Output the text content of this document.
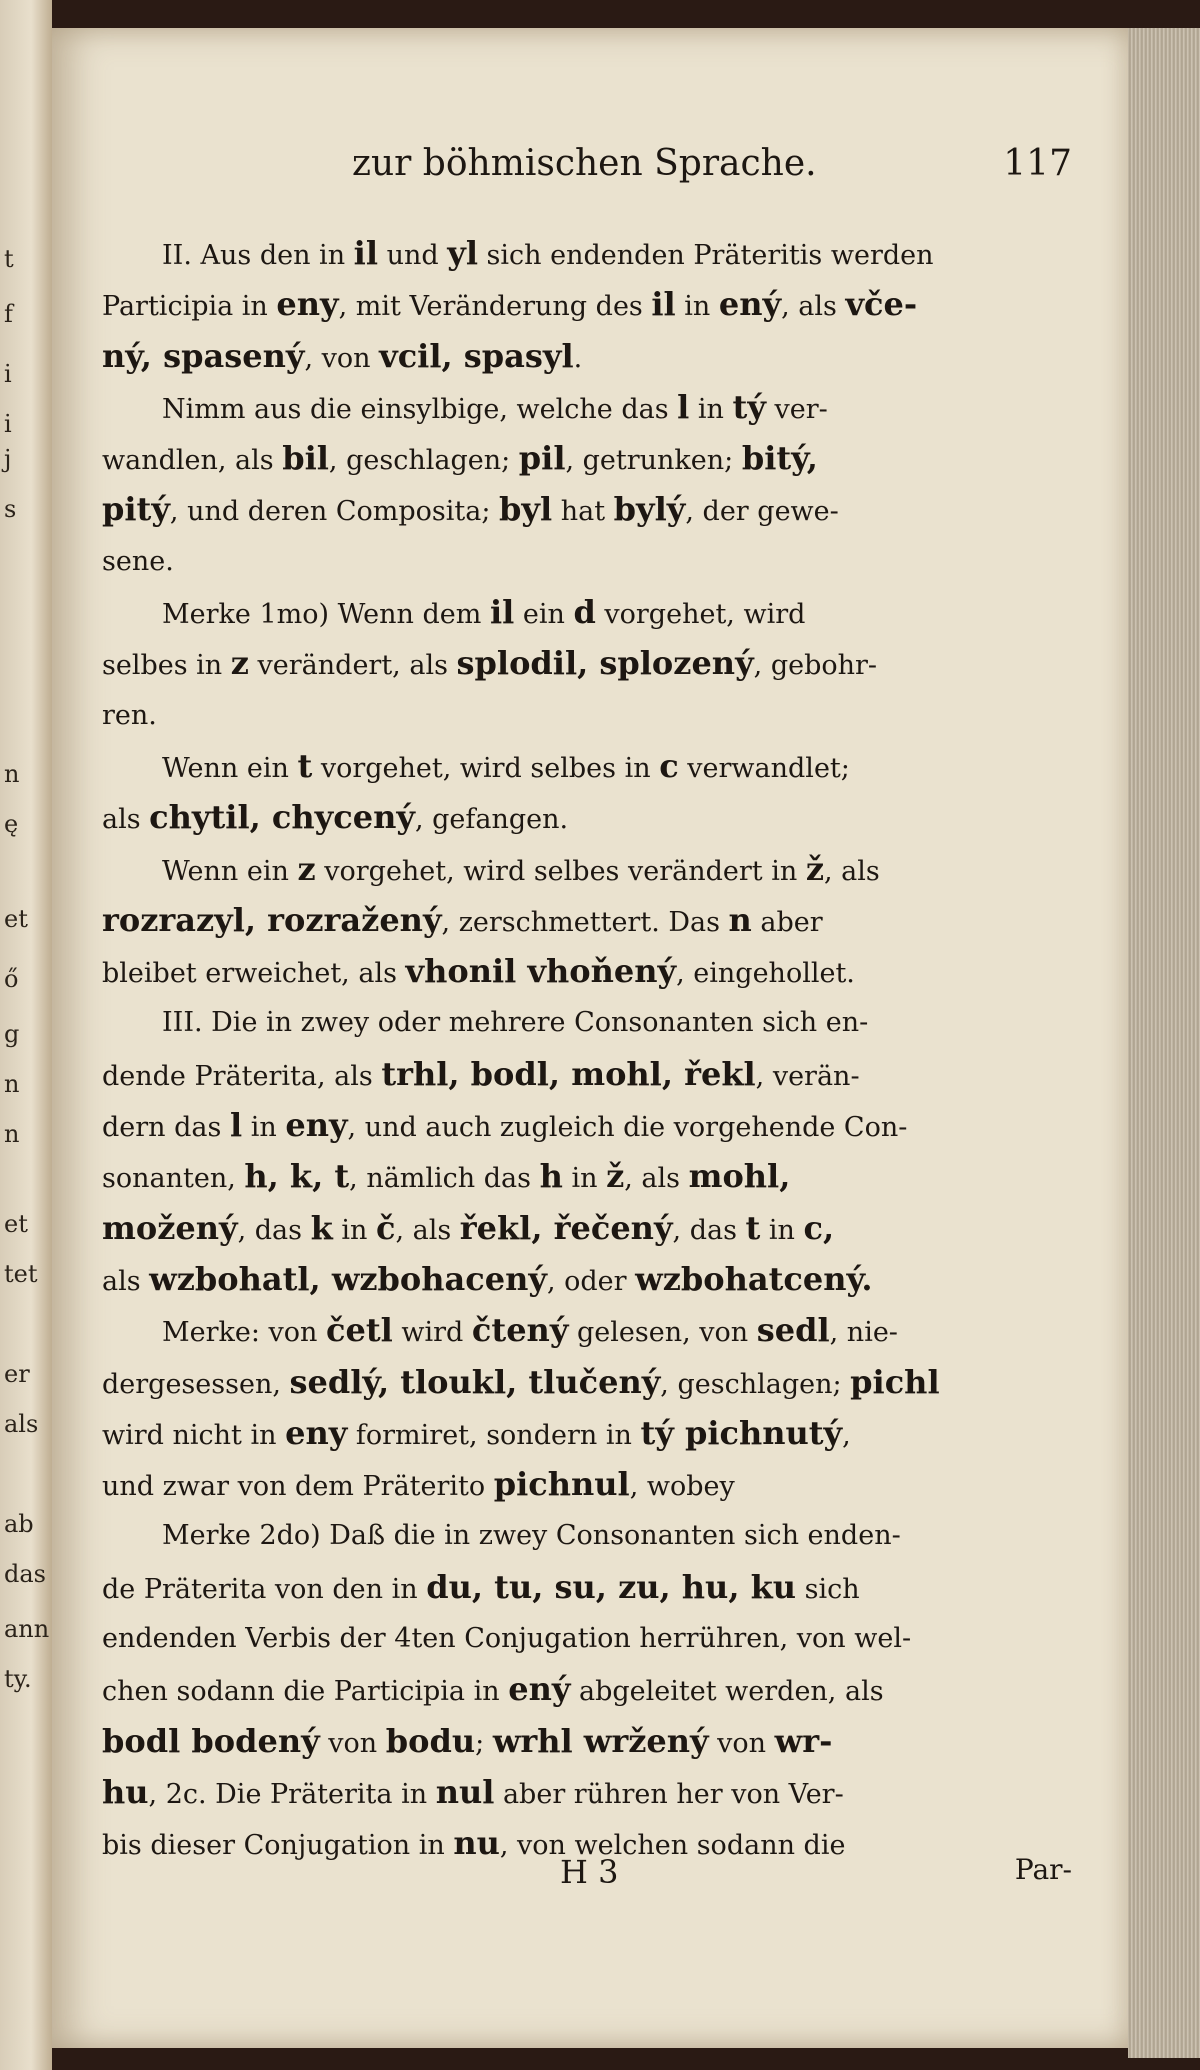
t
f
i
i
j
s
n
ę
et
ő
g
n
n
et
tet
er
als
ab
das
ann
ty.
zur böhmischen Sprache.	117
II. Aus den in il und yl sich endenden Präteritis werden
Participia in eny, mit Veränderung des il in ený, als vče-
ný, spasený, von vcil, spasyl.
Nimm aus die einsylbige, welche das l in tý ver-
wandlen, als bil, geschlagen; pil, getrunken; bitý,
pitý, und deren Composita; byl hat bylý, der gewe-
sene.
Merke 1mo) Wenn dem il ein d vorgehet, wird
selbes in z verändert, als splodil, splozený, gebohr-
ren.
Wenn ein t vorgehet, wird selbes in c verwandlet;
als chytil, chycený, gefangen.
Wenn ein z vorgehet, wird selbes verändert in ž, als
rozrazyl, rozražený, zerschmettert. Das n aber
bleibet erweichet, als vhonil vhoňený, eingehollet.
III. Die in zwey oder mehrere Consonanten sich en-
dende Präterita, als trhl, bodl, mohl, řekl, verän-
dern das l in eny, und auch zugleich die vorgehende Con-
sonanten, h, k, t, nämlich das h in ž, als mohl,
možený, das k in č, als řekl, řečený, das t in c,
als wzbohatl, wzbohacený, oder wzbohatcený.
Merke: von četl wird čtený gelesen, von sedl, nie-
dergesessen, sedlý, tloukl, tlučený, geschlagen; pichl
wird nicht in eny formiret, sondern in tý pichnutý,
und zwar von dem Präterito pichnul, wobey
Merke 2do) Daß die in zwey Consonanten sich enden-
de Präterita von den in du, tu, su, zu, hu, ku sich
endenden Verbis der 4ten Conjugation herrühren, von wel-
chen sodann die Participia in ený abgeleitet werden, als
bodl bodený von bodu; wrhl wržený von wr-
hu, 2c. Die Präterita in nul aber rühren her von Ver-
bis dieser Conjugation in nu, von welchen sodann die
H 3	Par-
